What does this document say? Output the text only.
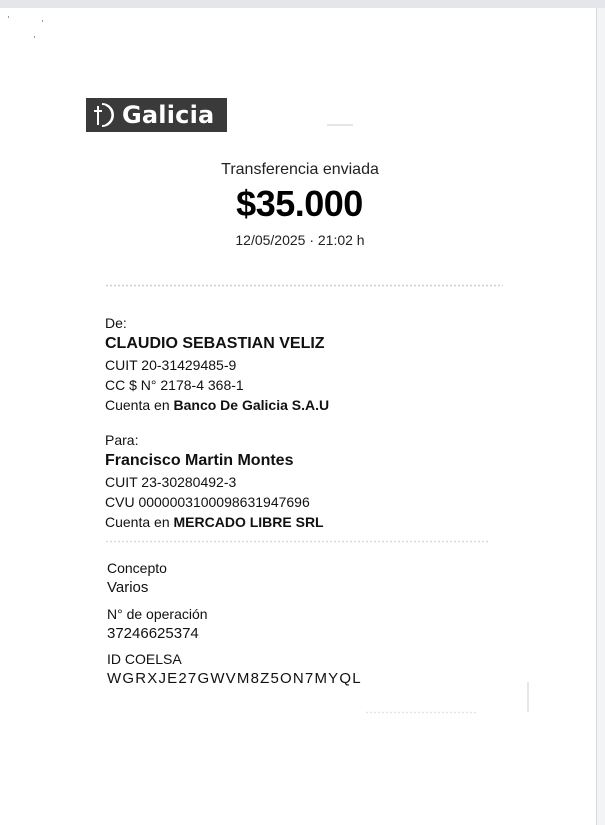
Galicia
Transferencia enviada
$35.000
12/05/2025 · 21:02 h
De:
CLAUDIO SEBASTIAN VELIZ
CUIT 20-31429485-9
CC $ N° 2178-4 368-1
Cuenta en Banco De Galicia S.A.U
Para:
Francisco Martin Montes
CUIT 23-30280492-3
CVU 0000003100098631947696
Cuenta en MERCADO LIBRE SRL
Concepto
Varios
N° de operación
37246625374
ID COELSA
WGRXJE27GWVM8Z5ON7MYQL
